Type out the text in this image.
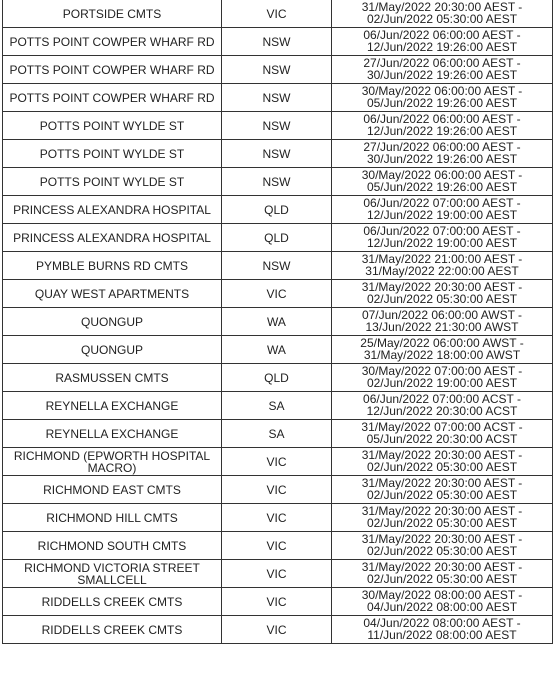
PORTSIDE CMTS	VIC	31/May/2022 20:30:00 AEST -
02/Jun/2022 05:30:00 AEST
POTTS POINT COWPER WHARF RD	NSW	06/Jun/2022 06:00:00 AEST -
12/Jun/2022 19:26:00 AEST
POTTS POINT COWPER WHARF RD	NSW	27/Jun/2022 06:00:00 AEST -
30/Jun/2022 19:26:00 AEST
POTTS POINT COWPER WHARF RD	NSW	30/May/2022 06:00:00 AEST -
05/Jun/2022 19:26:00 AEST
POTTS POINT WYLDE ST	NSW	06/Jun/2022 06:00:00 AEST -
12/Jun/2022 19:26:00 AEST
POTTS POINT WYLDE ST	NSW	27/Jun/2022 06:00:00 AEST -
30/Jun/2022 19:26:00 AEST
POTTS POINT WYLDE ST	NSW	30/May/2022 06:00:00 AEST -
05/Jun/2022 19:26:00 AEST
PRINCESS ALEXANDRA HOSPITAL	QLD	06/Jun/2022 07:00:00 AEST -
12/Jun/2022 19:00:00 AEST
PRINCESS ALEXANDRA HOSPITAL	QLD	06/Jun/2022 07:00:00 AEST -
12/Jun/2022 19:00:00 AEST
PYMBLE BURNS RD CMTS	NSW	31/May/2022 21:00:00 AEST -
31/May/2022 22:00:00 AEST
QUAY WEST APARTMENTS	VIC	31/May/2022 20:30:00 AEST -
02/Jun/2022 05:30:00 AEST
QUONGUP	WA	07/Jun/2022 06:00:00 AWST -
13/Jun/2022 21:30:00 AWST
QUONGUP	WA	25/May/2022 06:00:00 AWST -
31/May/2022 18:00:00 AWST
RASMUSSEN CMTS	QLD	30/May/2022 07:00:00 AEST -
02/Jun/2022 19:00:00 AEST
REYNELLA EXCHANGE	SA	06/Jun/2022 07:00:00 ACST -
12/Jun/2022 20:30:00 ACST
REYNELLA EXCHANGE	SA	31/May/2022 07:00:00 ACST -
05/Jun/2022 20:30:00 ACST
RICHMOND (EPWORTH HOSPITAL MACRO)	VIC	31/May/2022 20:30:00 AEST -
02/Jun/2022 05:30:00 AEST
RICHMOND EAST CMTS	VIC	31/May/2022 20:30:00 AEST -
02/Jun/2022 05:30:00 AEST
RICHMOND HILL CMTS	VIC	31/May/2022 20:30:00 AEST -
02/Jun/2022 05:30:00 AEST
RICHMOND SOUTH CMTS	VIC	31/May/2022 20:30:00 AEST -
02/Jun/2022 05:30:00 AEST
RICHMOND VICTORIA STREET SMALLCELL	VIC	31/May/2022 20:30:00 AEST -
02/Jun/2022 05:30:00 AEST
RIDDELLS CREEK CMTS	VIC	30/May/2022 08:00:00 AEST -
04/Jun/2022 08:00:00 AEST
RIDDELLS CREEK CMTS	VIC	04/Jun/2022 08:00:00 AEST -
11/Jun/2022 08:00:00 AEST
